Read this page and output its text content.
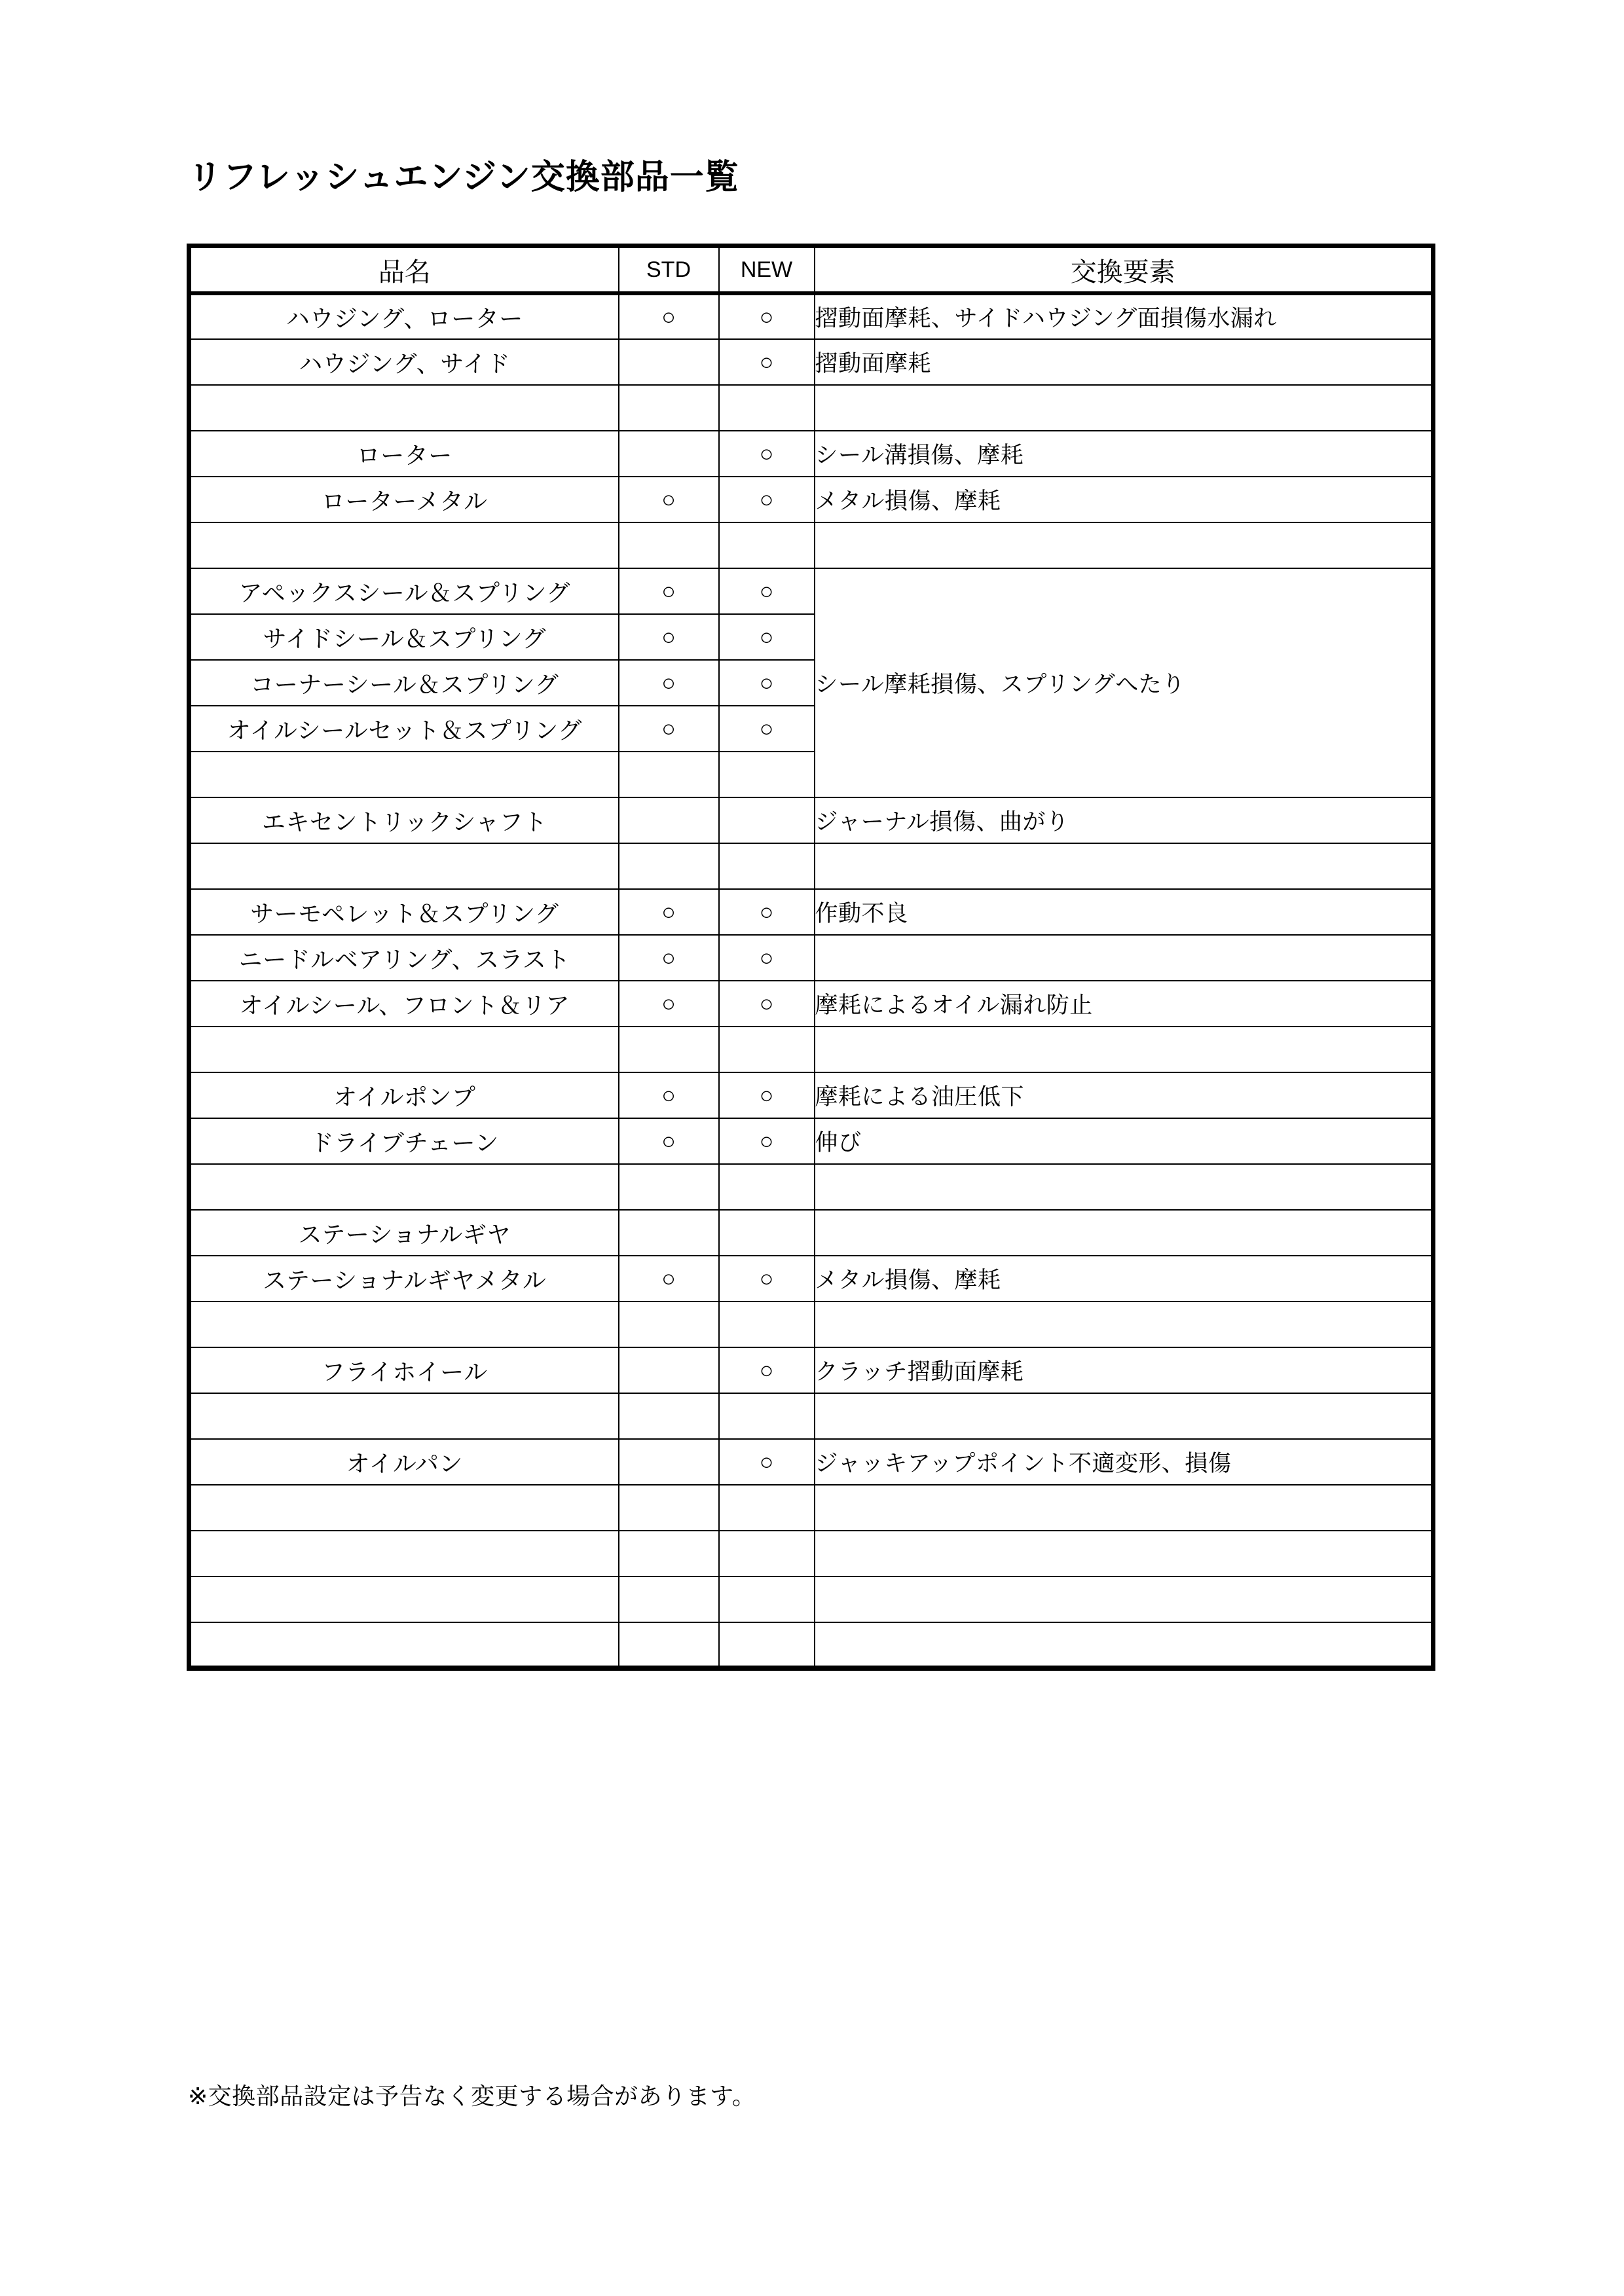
リフレッシュエンジン交換部品一覧
品名	STD	NEW	交換要素
ハウジング、ローター	○	○	摺動面摩耗、サイドハウジング面損傷水漏れ
ハウジング、サイド		○	摺動面摩耗

ローター		○	シール溝損傷、摩耗
ローターメタル	○	○	メタル損傷、摩耗

アペックスシール＆スプリング	○	○	シール摩耗損傷、スプリングへたり
サイドシール＆スプリング	○	○	
コーナーシール＆スプリング	○	○	
オイルシールセット＆スプリング	○	○	

エキセントリックシャフト			ジャーナル損傷、曲がり

サーモペレット＆スプリング	○	○	作動不良
ニードルベアリング、スラスト	○	○	
オイルシール、フロント＆リア	○	○	摩耗によるオイル漏れ防止

オイルポンプ	○	○	摩耗による油圧低下
ドライブチェーン	○	○	伸び

ステーショナルギヤ			
ステーショナルギヤメタル	○	○	メタル損傷、摩耗

フライホイール		○	クラッチ摺動面摩耗

オイルパン		○	ジャッキアップポイント不適変形、損傷

※交換部品設定は予告なく変更する場合があります。
